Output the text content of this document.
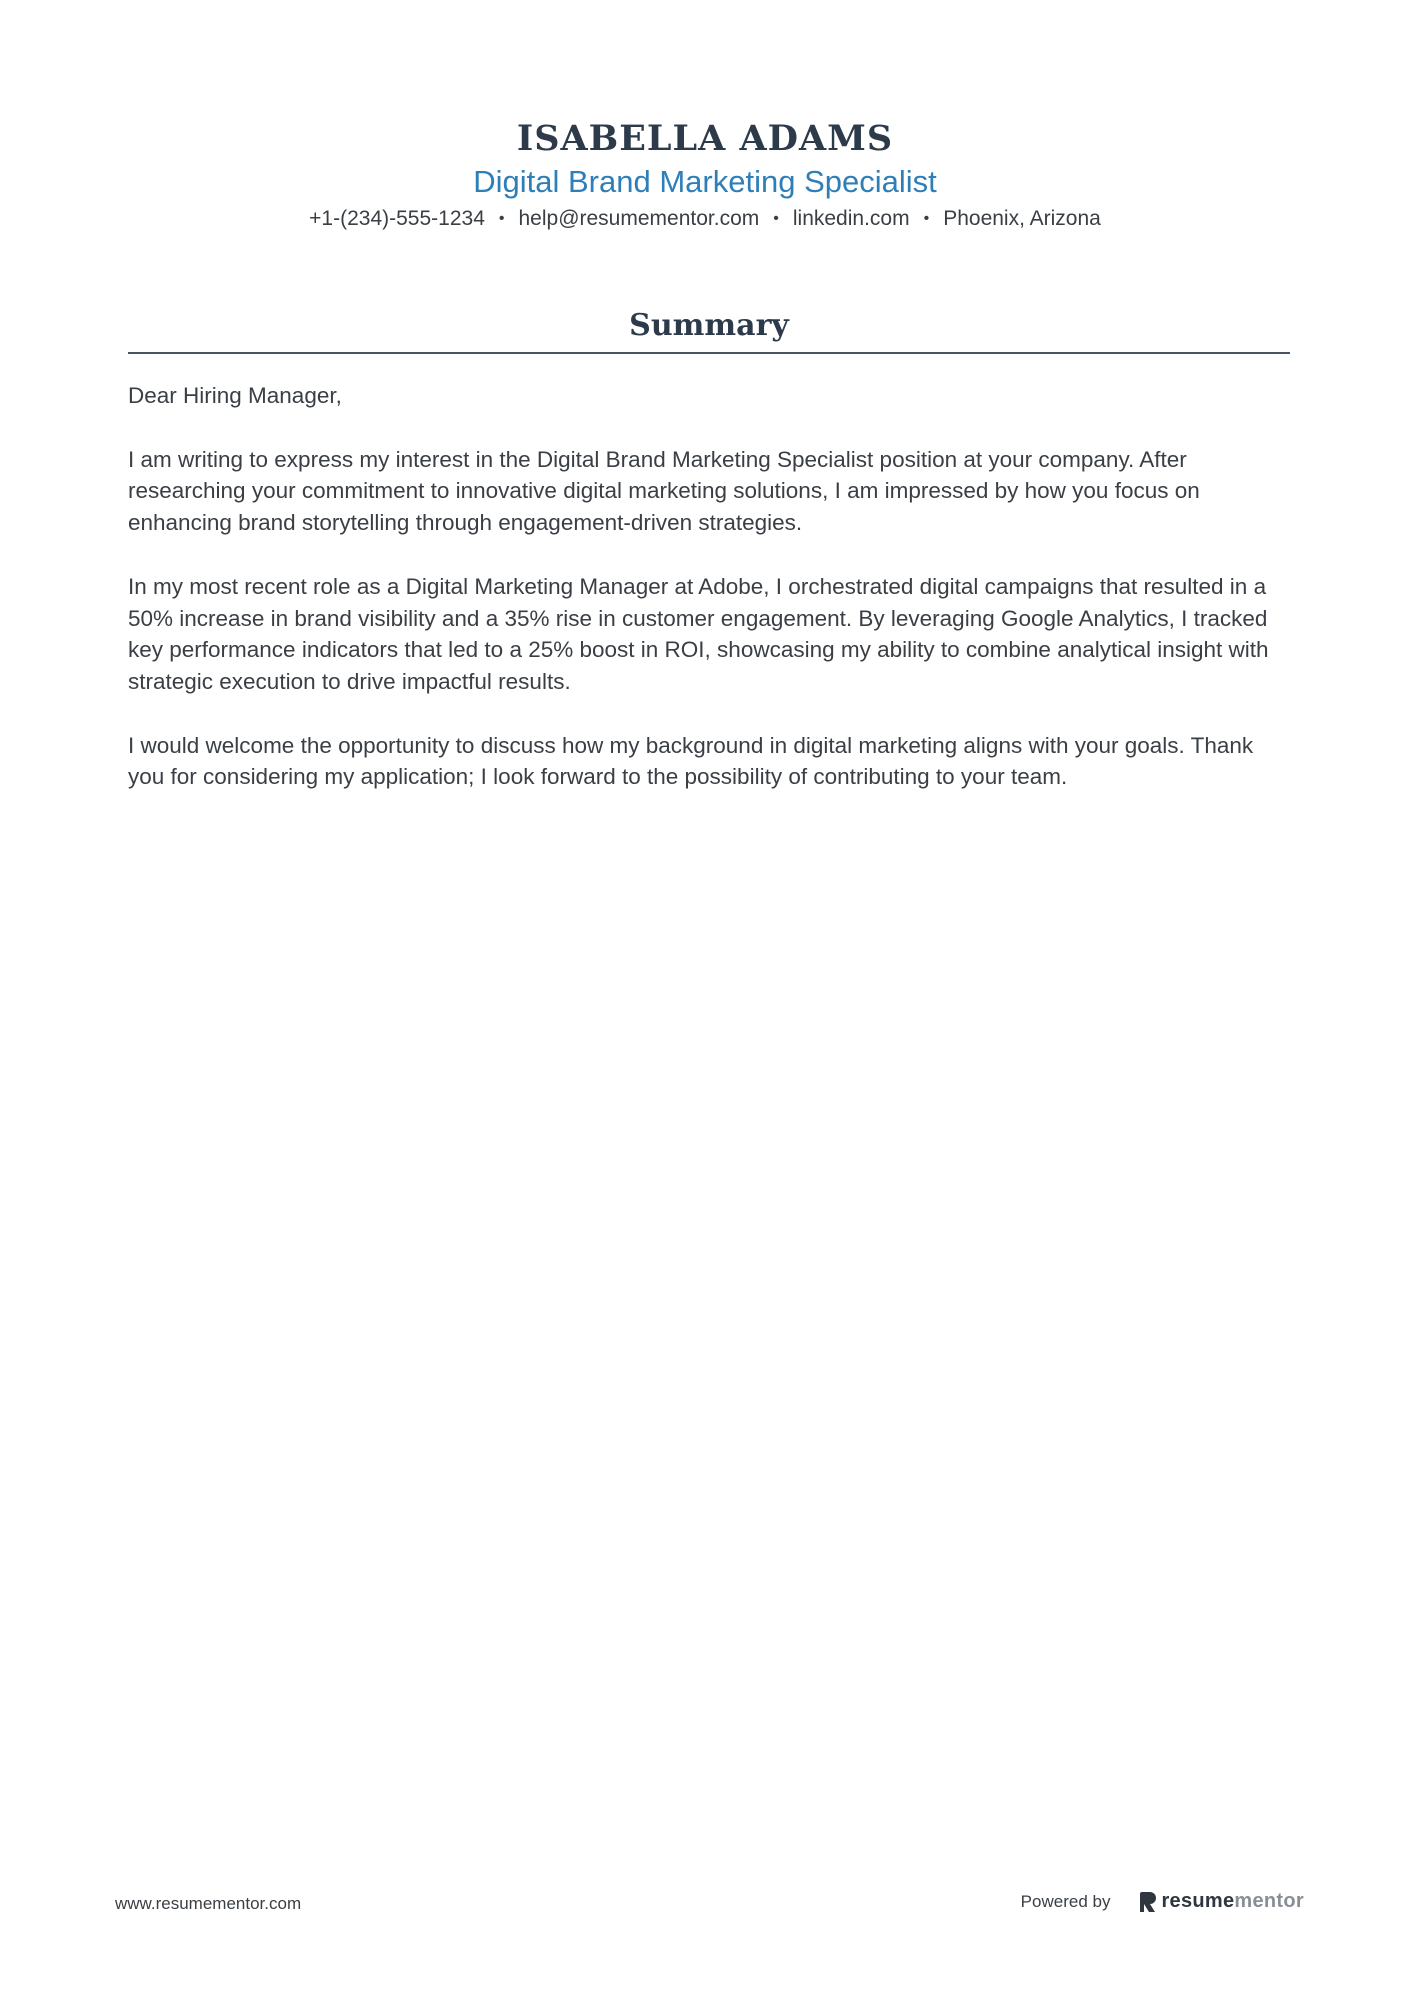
ISABELLA ADAMS
Digital Brand Marketing Specialist
+1-(234)-555-1234 • help@resumementor.com • linkedin.com • Phoenix, Arizona
Summary

Dear Hiring Manager,

I am writing to express my interest in the Digital Brand Marketing Specialist position at your company. After researching your commitment to innovative digital marketing solutions, I am impressed by how you focus on enhancing brand storytelling through engagement-driven strategies.

In my most recent role as a Digital Marketing Manager at Adobe, I orchestrated digital campaigns that resulted in a 50% increase in brand visibility and a 35% rise in customer engagement. By leveraging Google Analytics, I tracked key performance indicators that led to a 25% boost in ROI, showcasing my ability to combine analytical insight with strategic execution to drive impactful results.

I would welcome the opportunity to discuss how my background in digital marketing aligns with your goals. Thank you for considering my application; I look forward to the possibility of contributing to your team.

www.resumementor.com	Powered by	resume mentor
